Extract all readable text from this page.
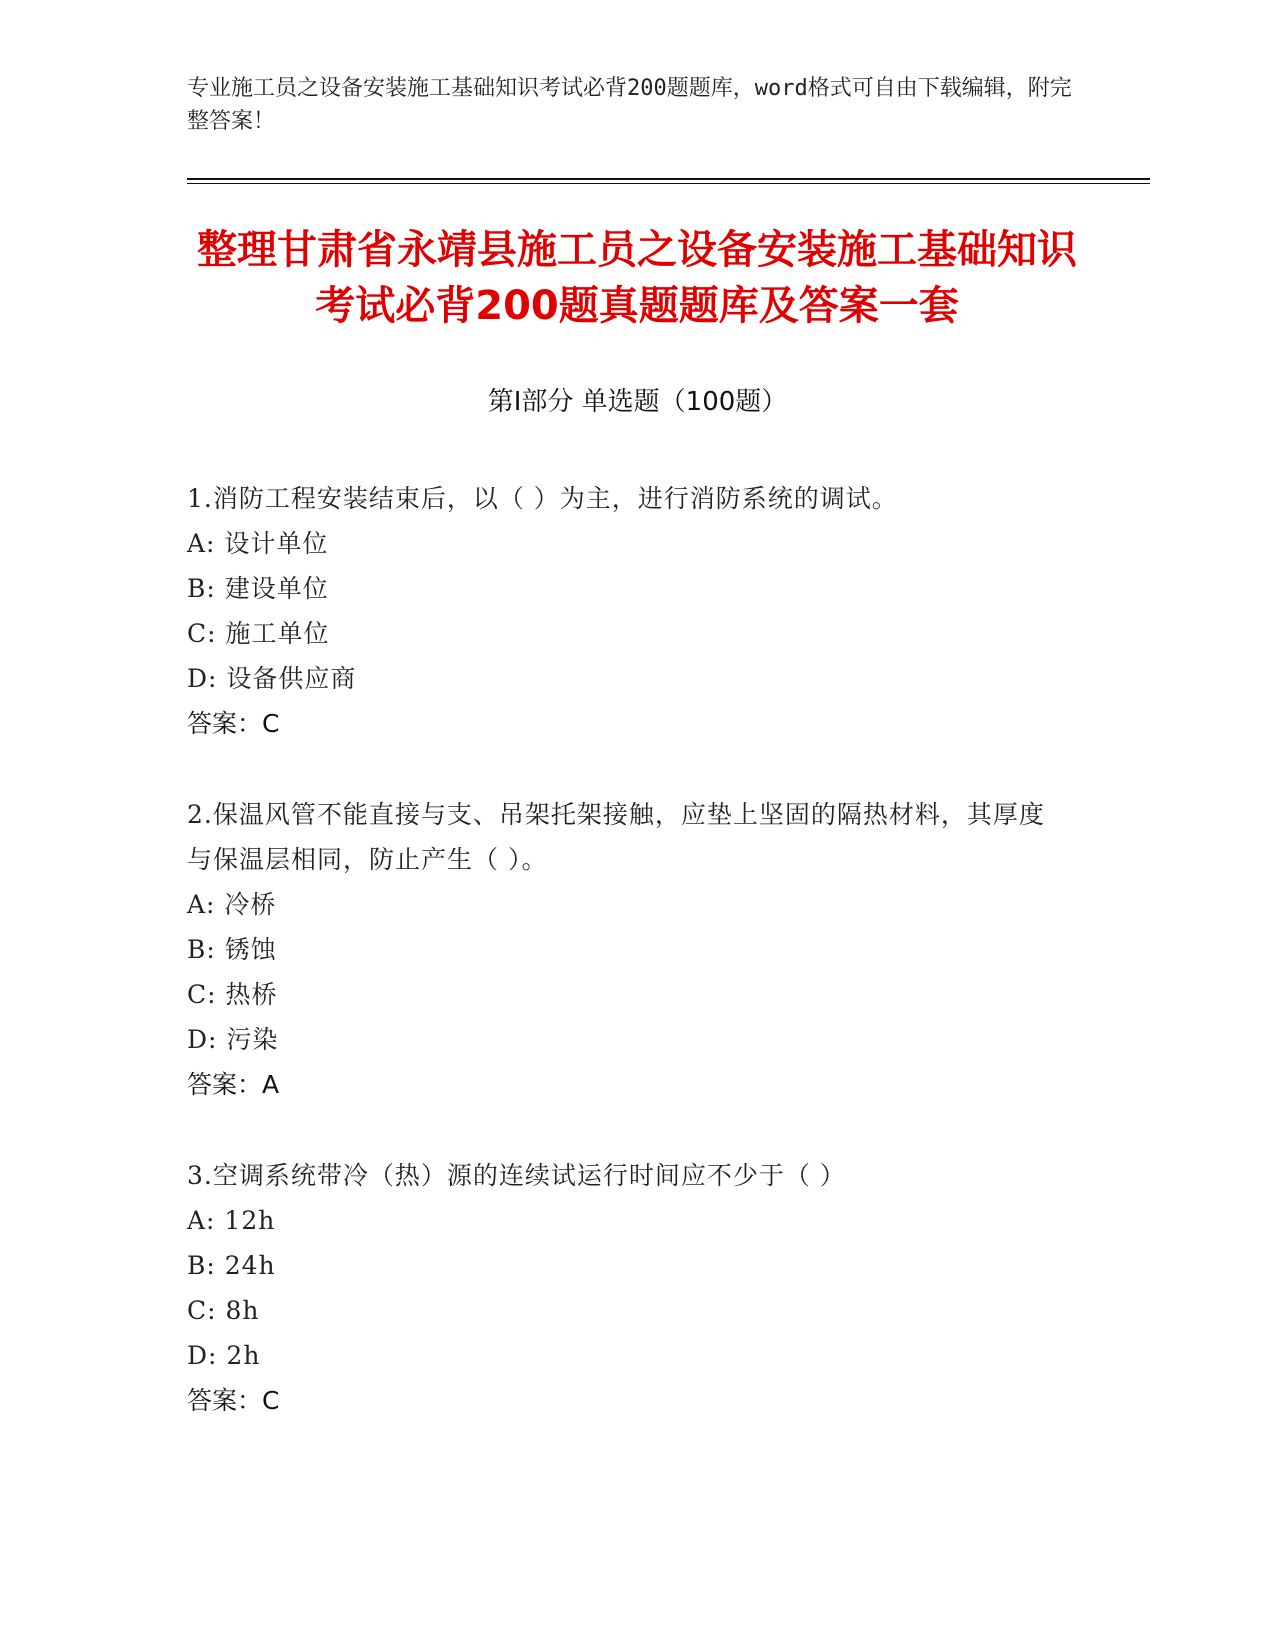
专业施工员之设备安装施工基础知识考试必背200题题库，word格式可自由下载编辑，附完整答案！
整理甘肃省永靖县施工员之设备安装施工基础知识考试必背200题真题题库及答案一套
第Ⅰ部分 单选题（100题）
1.消防工程安装结束后，以（ ）为主，进行消防系统的调试。
A: 设计单位
B: 建设单位
C: 施工单位
D: 设备供应商
答案：C
2.保温风管不能直接与支、吊架托架接触，应垫上坚固的隔热材料，其厚度与保温层相同，防止产生（ ）。
A: 冷桥
B: 锈蚀
C: 热桥
D: 污染
答案：A
3.空调系统带冷（热）源的连续试运行时间应不少于（ ）
A: 12h
B: 24h
C: 8h
D: 2h
答案：C
